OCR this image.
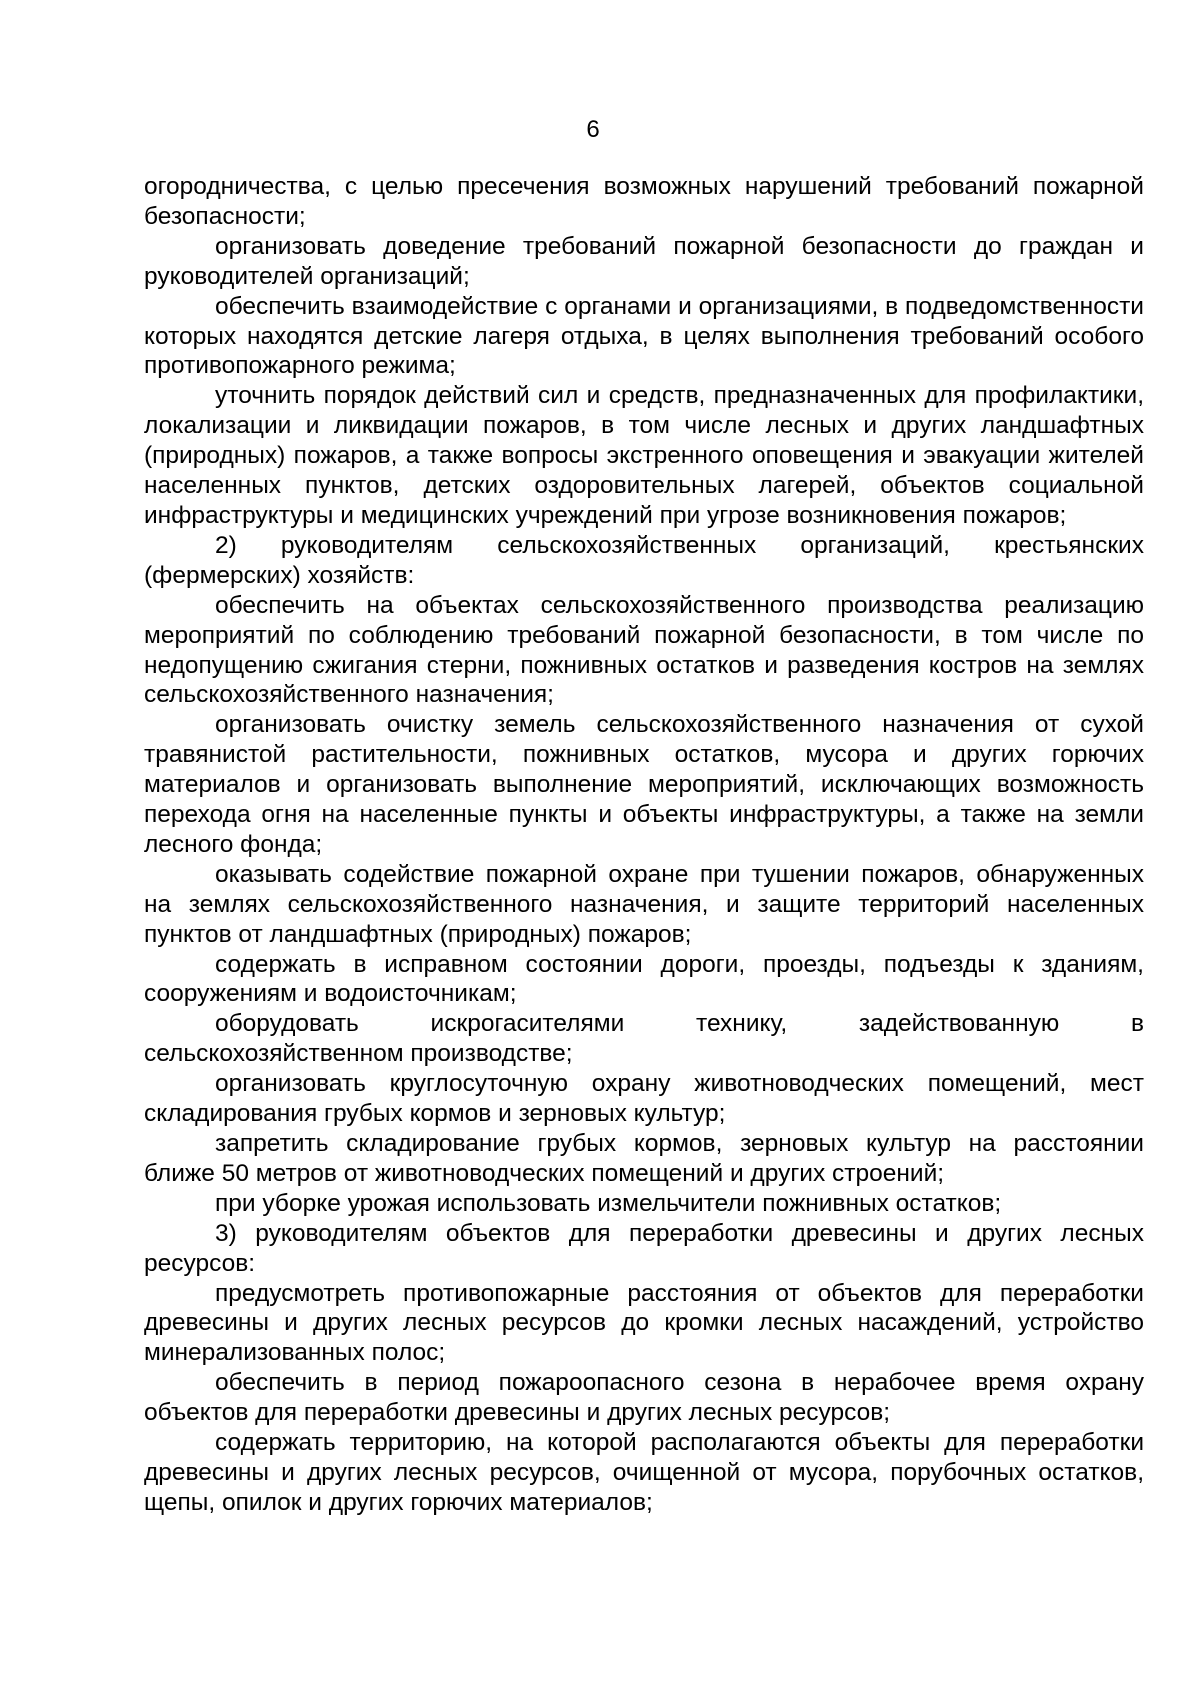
6

огородничества, с целью пресечения возможных нарушений требований пожарной безопасности;

организовать доведение требований пожарной безопасности до граждан и руководителей организаций;

обеспечить взаимодействие с органами и организациями, в подведомственности которых находятся детские лагеря отдыха, в целях выполнения требований особого противопожарного режима;

уточнить порядок действий сил и средств, предназначенных для профилактики, локализации и ликвидации пожаров, в том числе лесных и других ландшафтных (природных) пожаров, а также вопросы экстренного оповещения и эвакуации жителей населенных пунктов, детских оздоровительных лагерей, объектов социальной инфраструктуры и медицинских учреждений при угрозе возникновения пожаров;

2) руководителям сельскохозяйственных организаций, крестьянских (фермерских) хозяйств:

обеспечить на объектах сельскохозяйственного производства реализацию мероприятий по соблюдению требований пожарной безопасности, в том числе по недопущению сжигания стерни, пожнивных остатков и разведения костров на землях сельскохозяйственного назначения;

организовать очистку земель сельскохозяйственного назначения от сухой травянистой растительности, пожнивных остатков, мусора и других горючих материалов и организовать выполнение мероприятий, исключающих возможность перехода огня на населенные пункты и объекты инфраструктуры, а также на земли лесного фонда;

оказывать содействие пожарной охране при тушении пожаров, обнаруженных на землях сельскохозяйственного назначения, и защите территорий населенных пунктов от ландшафтных (природных) пожаров;

содержать в исправном состоянии дороги, проезды, подъезды к зданиям, сооружениям и водоисточникам;

оборудовать искрогасителями технику, задействованную в сельскохозяйственном производстве;

организовать круглосуточную охрану животноводческих помещений, мест складирования грубых кормов и зерновых культур;

запретить складирование грубых кормов, зерновых культур на расстоянии ближе 50 метров от животноводческих помещений и других строений;

при уборке урожая использовать измельчители пожнивных остатков;

3) руководителям объектов для переработки древесины и других лесных ресурсов:

предусмотреть противопожарные расстояния от объектов для переработки древесины и других лесных ресурсов до кромки лесных насаждений, устройство минерализованных полос;

обеспечить в период пожароопасного сезона в нерабочее время охрану объектов для переработки древесины и других лесных ресурсов;

содержать территорию, на которой располагаются объекты для переработки древесины и других лесных ресурсов, очищенной от мусора, порубочных остатков, щепы, опилок и других горючих материалов;
